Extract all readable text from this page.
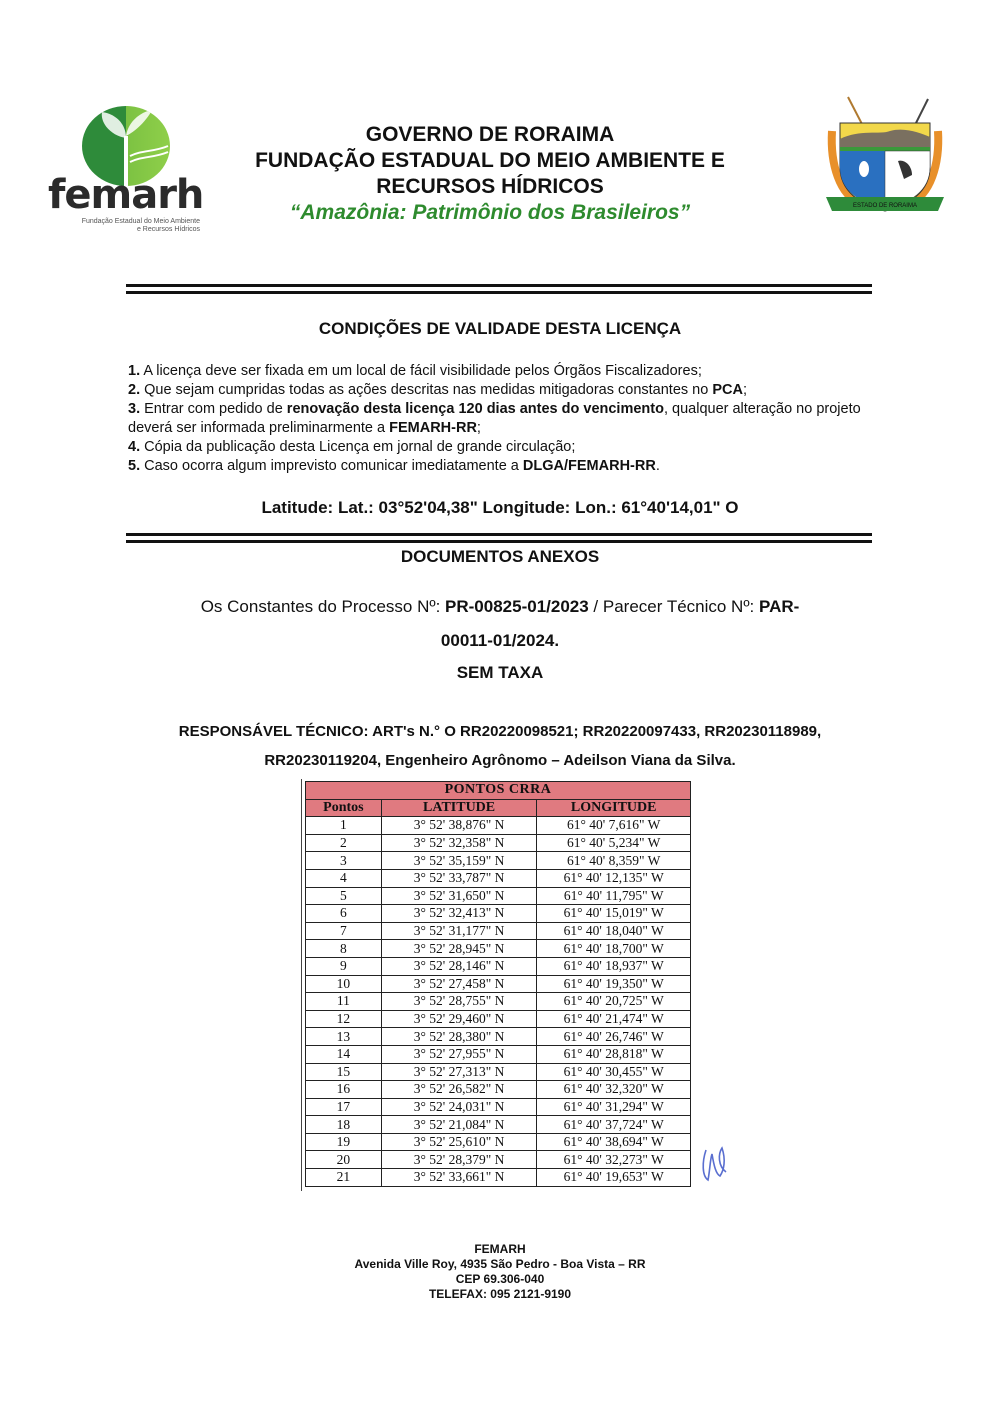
femarh
Fundação Estadual do Meio Ambiente
e Recursos Hídricos
GOVERNO DE RORAIMA
FUNDAÇÃO ESTADUAL DO MEIO AMBIENTE E
RECURSOS HÍDRICOS
“Amazônia: Patrimônio dos Brasileiros”	ESTADO DE RORAIMA
CONDIÇÕES DE VALIDADE DESTA LICENÇA
1. A licença deve ser fixada em um local de fácil visibilidade pelos Órgãos Fiscalizadores;
2. Que sejam cumpridas todas as ações descritas nas medidas mitigadoras constantes no PCA;
3. Entrar com pedido de renovação desta licença 120 dias antes do vencimento, qualquer alteração no projeto deverá ser informada preliminarmente a FEMARH-RR;
4. Cópia da publicação desta Licença em jornal de grande circulação;
5. Caso ocorra algum imprevisto comunicar imediatamente a DLGA/FEMARH-RR.
Latitude: Lat.: 03°52'04,38" Longitude: Lon.: 61°40'14,01" O
DOCUMENTOS ANEXOS
Os Constantes do Processo Nº: PR-00825-01/2023 / Parecer Técnico Nº: PAR-
00011-01/2024.
SEM TAXA
RESPONSÁVEL TÉCNICO: ART's N.° O RR20220098521; RR20220097433, RR20230118989,
RR20230119204, Engenheiro Agrônomo – Adeilson Viana da Silva.
PONTOS CRRA		
Pontos	LATITUDE	LONGITUDE
1	3° 52' 38,876" N	61° 40' 7,616" W
2	3° 52' 32,358" N	61° 40' 5,234" W
3	3° 52' 35,159" N	61° 40' 8,359" W
4	3° 52' 33,787" N	61° 40' 12,135" W
5	3° 52' 31,650" N	61° 40' 11,795" W
6	3° 52' 32,413" N	61° 40' 15,019" W
7	3° 52' 31,177" N	61° 40' 18,040" W
8	3° 52' 28,945" N	61° 40' 18,700" W
9	3° 52' 28,146" N	61° 40' 18,937" W
10	3° 52' 27,458" N	61° 40' 19,350" W
11	3° 52' 28,755" N	61° 40' 20,725" W
12	3° 52' 29,460" N	61° 40' 21,474" W
13	3° 52' 28,380" N	61° 40' 26,746" W
14	3° 52' 27,955" N	61° 40' 28,818" W
15	3° 52' 27,313" N	61° 40' 30,455" W
16	3° 52' 26,582" N	61° 40' 32,320" W
17	3° 52' 24,031" N	61° 40' 31,294" W
18	3° 52' 21,084" N	61° 40' 37,724" W
19	3° 52' 25,610" N	61° 40' 38,694" W
20	3° 52' 28,379" N	61° 40' 32,273" W
21	3° 52' 33,661" N	61° 40' 19,653" W
FEMARH
Avenida Ville Roy, 4935 São Pedro - Boa Vista – RR
CEP 69.306-040
TELEFAX: 095 2121-9190
